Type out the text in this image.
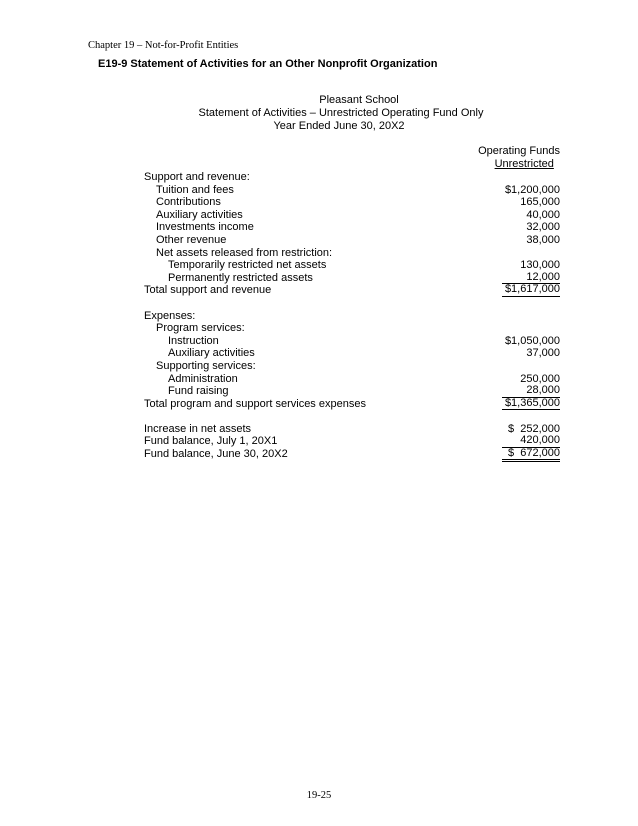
Chapter 19 – Not-for-Profit Entities
E19-9 Statement of Activities for an Other Nonprofit Organization
Pleasant School
Statement of Activities – Unrestricted Operating Fund Only
Year Ended June 30, 20X2
Operating Funds
Unrestricted
Support and revenue:
Tuition and fees	$1,200,000
Contributions	165,000
Auxiliary activities	40,000
Investments income	32,000
Other revenue	38,000
Net assets released from restriction:
Temporarily restricted net assets	130,000
Permanently restricted assets	12,000
Total support and revenue	$1,617,000
Expenses:
Program services:
Instruction	$1,050,000
Auxiliary activities	37,000
Supporting services:
Administration	250,000
Fund raising	28,000
Total program and support services expenses	$1,365,000
Increase in net assets	$  252,000
Fund balance, July 1, 20X1	420,000
Fund balance, June 30, 20X2	$  672,000
19-25
